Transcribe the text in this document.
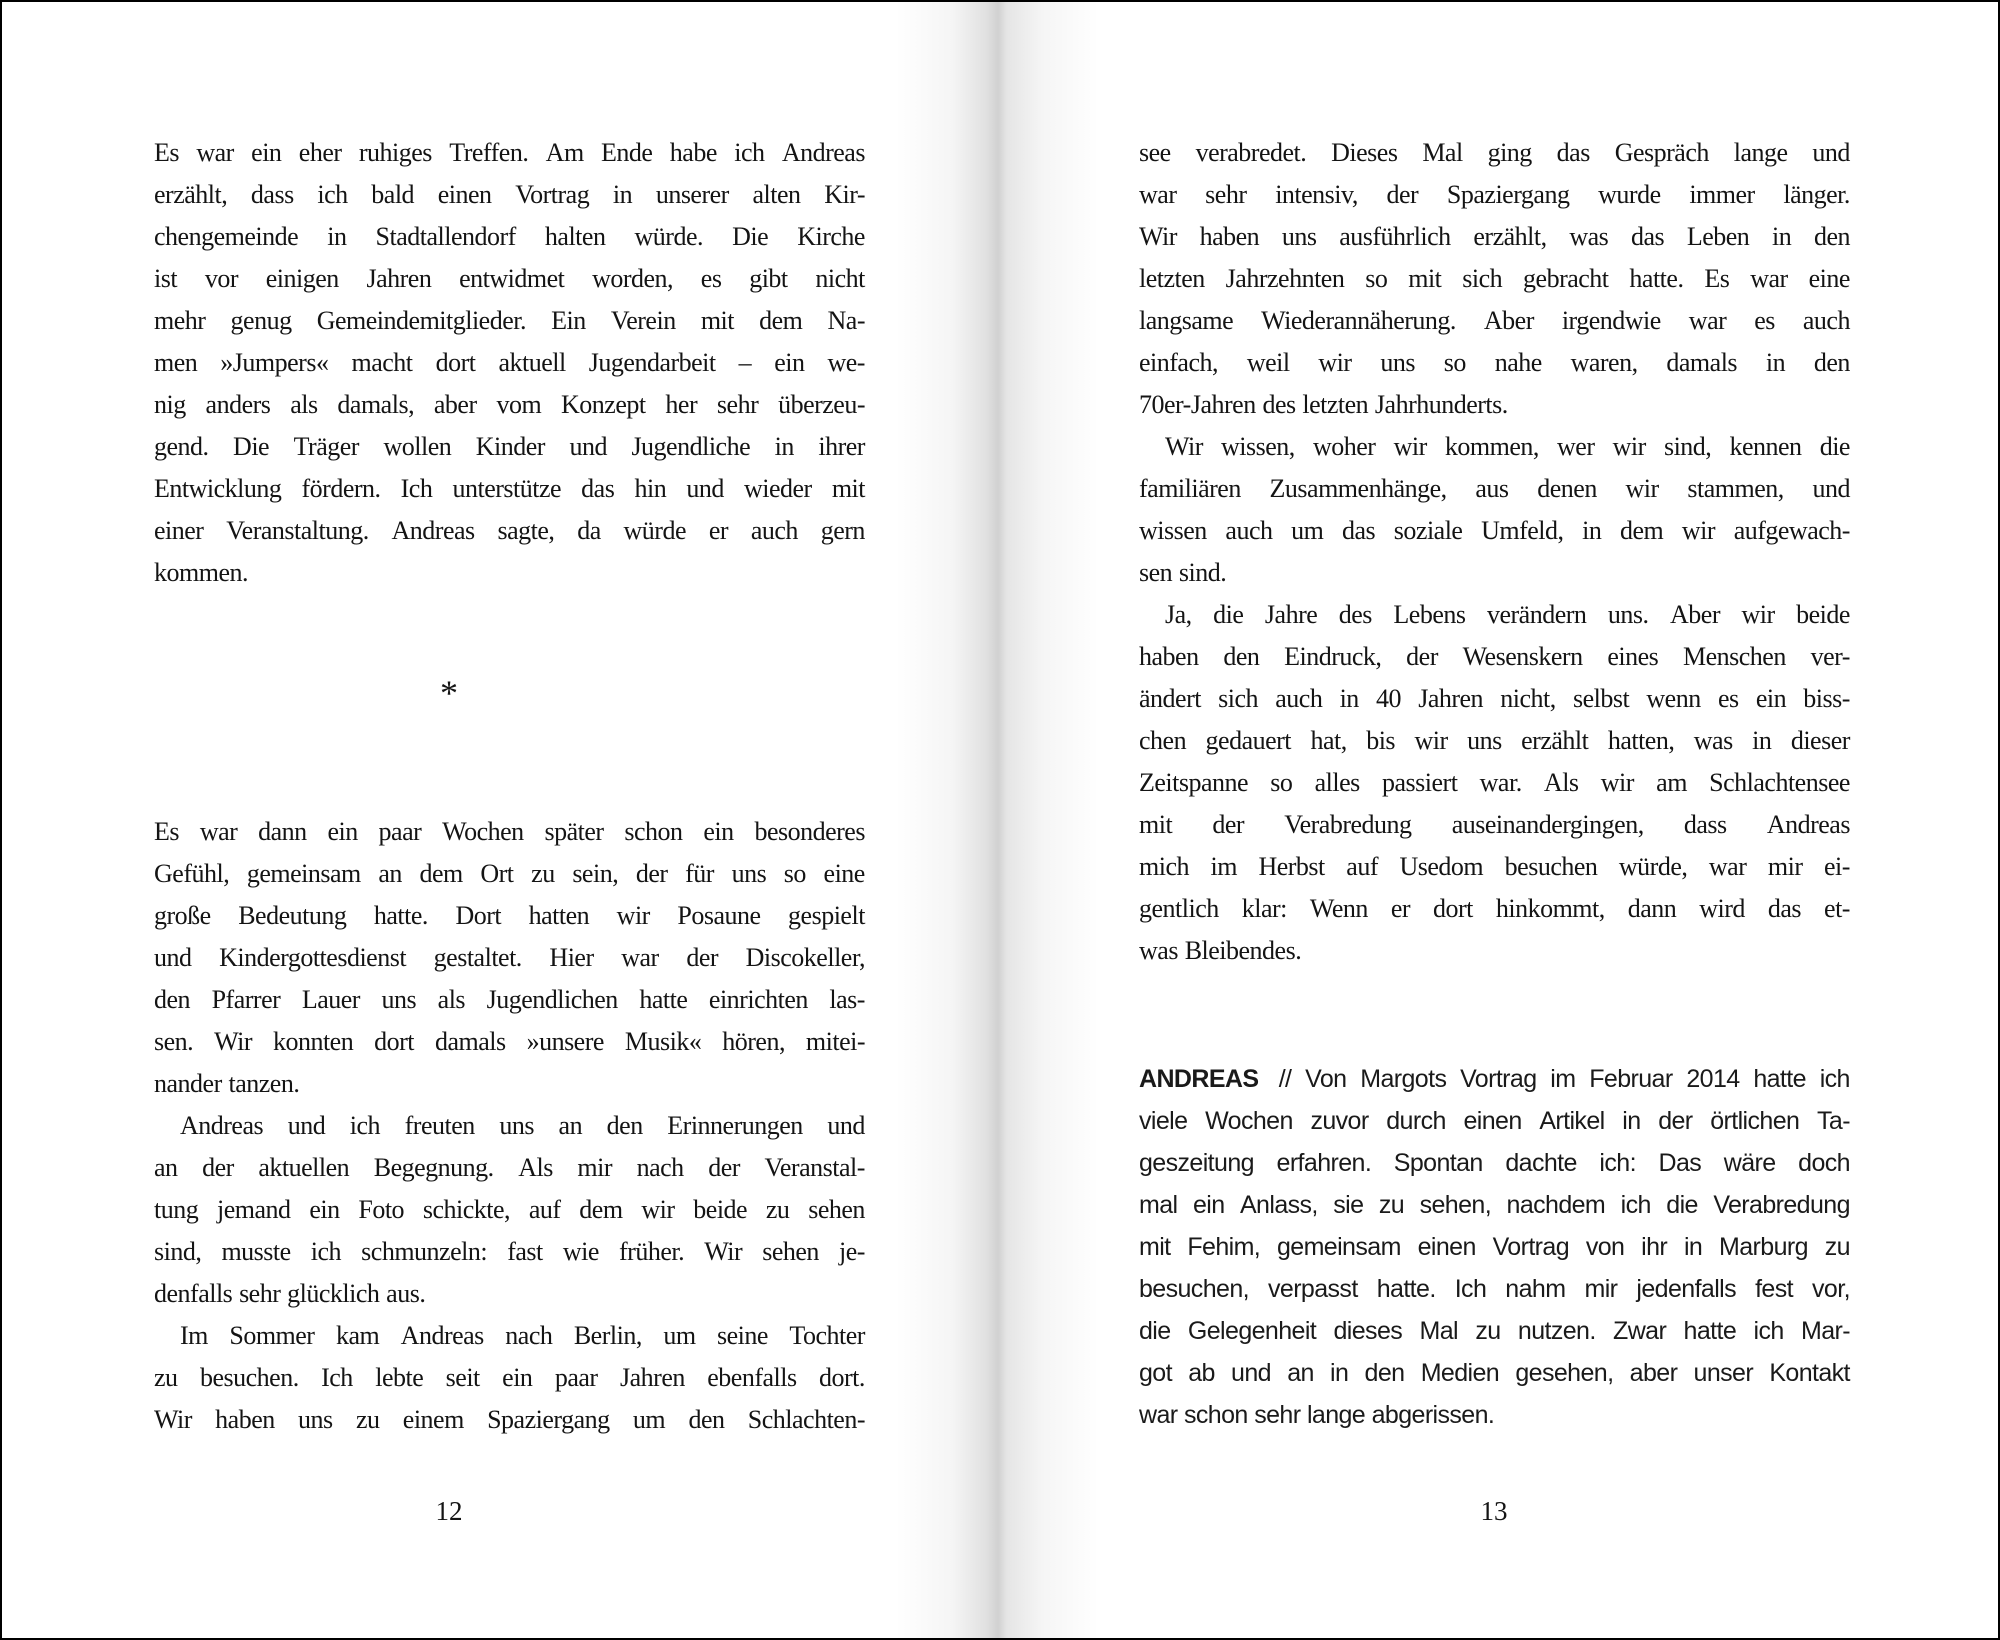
Es war ein eher ruhiges Treffen. Am Ende habe ich Andreas
erzählt, dass ich bald einen Vortrag in unserer alten Kir-
chengemeinde in Stadtallendorf halten würde. Die Kirche
ist vor einigen Jahren entwidmet worden, es gibt nicht
mehr genug Gemeindemitglieder. Ein Verein mit dem Na-
men »Jumpers« macht dort aktuell Jugendarbeit – ein we-
nig anders als damals, aber vom Konzept her sehr überzeu-
gend. Die Träger wollen Kinder und Jugendliche in ihrer
Entwicklung fördern. Ich unterstütze das hin und wieder mit
einer Veranstaltung. Andreas sagte, da würde er auch gern
kommen.
*
Es war dann ein paar Wochen später schon ein besonderes
Gefühl, gemeinsam an dem Ort zu sein, der für uns so eine
große Bedeutung hatte. Dort hatten wir Posaune gespielt
und Kindergottesdienst gestaltet. Hier war der Discokeller,
den Pfarrer Lauer uns als Jugendlichen hatte einrichten las-
sen. Wir konnten dort damals »unsere Musik« hören, mitei-
nander tanzen.
Andreas und ich freuten uns an den Erinnerungen und
an der aktuellen Begegnung. Als mir nach der Veranstal-
tung jemand ein Foto schickte, auf dem wir beide zu sehen
sind, musste ich schmunzeln: fast wie früher. Wir sehen je-
denfalls sehr glücklich aus.
Im Sommer kam Andreas nach Berlin, um seine Tochter
zu besuchen. Ich lebte seit ein paar Jahren ebenfalls dort.
Wir haben uns zu einem Spaziergang um den Schlachten-
12
see verabredet. Dieses Mal ging das Gespräch lange und
war sehr intensiv, der Spaziergang wurde immer länger.
Wir haben uns ausführlich erzählt, was das Leben in den
letzten Jahrzehnten so mit sich gebracht hatte. Es war eine
langsame Wiederannäherung. Aber irgendwie war es auch
einfach, weil wir uns so nahe waren, damals in den
70er-Jahren des letzten Jahrhunderts.
Wir wissen, woher wir kommen, wer wir sind, kennen die
familiären Zusammenhänge, aus denen wir stammen, und
wissen auch um das soziale Umfeld, in dem wir aufgewach-
sen sind.
Ja, die Jahre des Lebens verändern uns. Aber wir beide
haben den Eindruck, der Wesenskern eines Menschen ver-
ändert sich auch in 40 Jahren nicht, selbst wenn es ein biss-
chen gedauert hat, bis wir uns erzählt hatten, was in dieser
Zeitspanne so alles passiert war. Als wir am Schlachtensee
mit der Verabredung auseinandergingen, dass Andreas
mich im Herbst auf Usedom besuchen würde, war mir ei-
gentlich klar: Wenn er dort hinkommt, dann wird das et-
was Bleibendes.
ANDREAS // Von Margots Vortrag im Februar 2014 hatte ich
viele Wochen zuvor durch einen Artikel in der örtlichen Ta-
geszeitung erfahren. Spontan dachte ich: Das wäre doch
mal ein Anlass, sie zu sehen, nachdem ich die Verabredung
mit Fehim, gemeinsam einen Vortrag von ihr in Marburg zu
besuchen, verpasst hatte. Ich nahm mir jedenfalls fest vor,
die Gelegenheit dieses Mal zu nutzen. Zwar hatte ich Mar-
got ab und an in den Medien gesehen, aber unser Kontakt
war schon sehr lange abgerissen.
13
